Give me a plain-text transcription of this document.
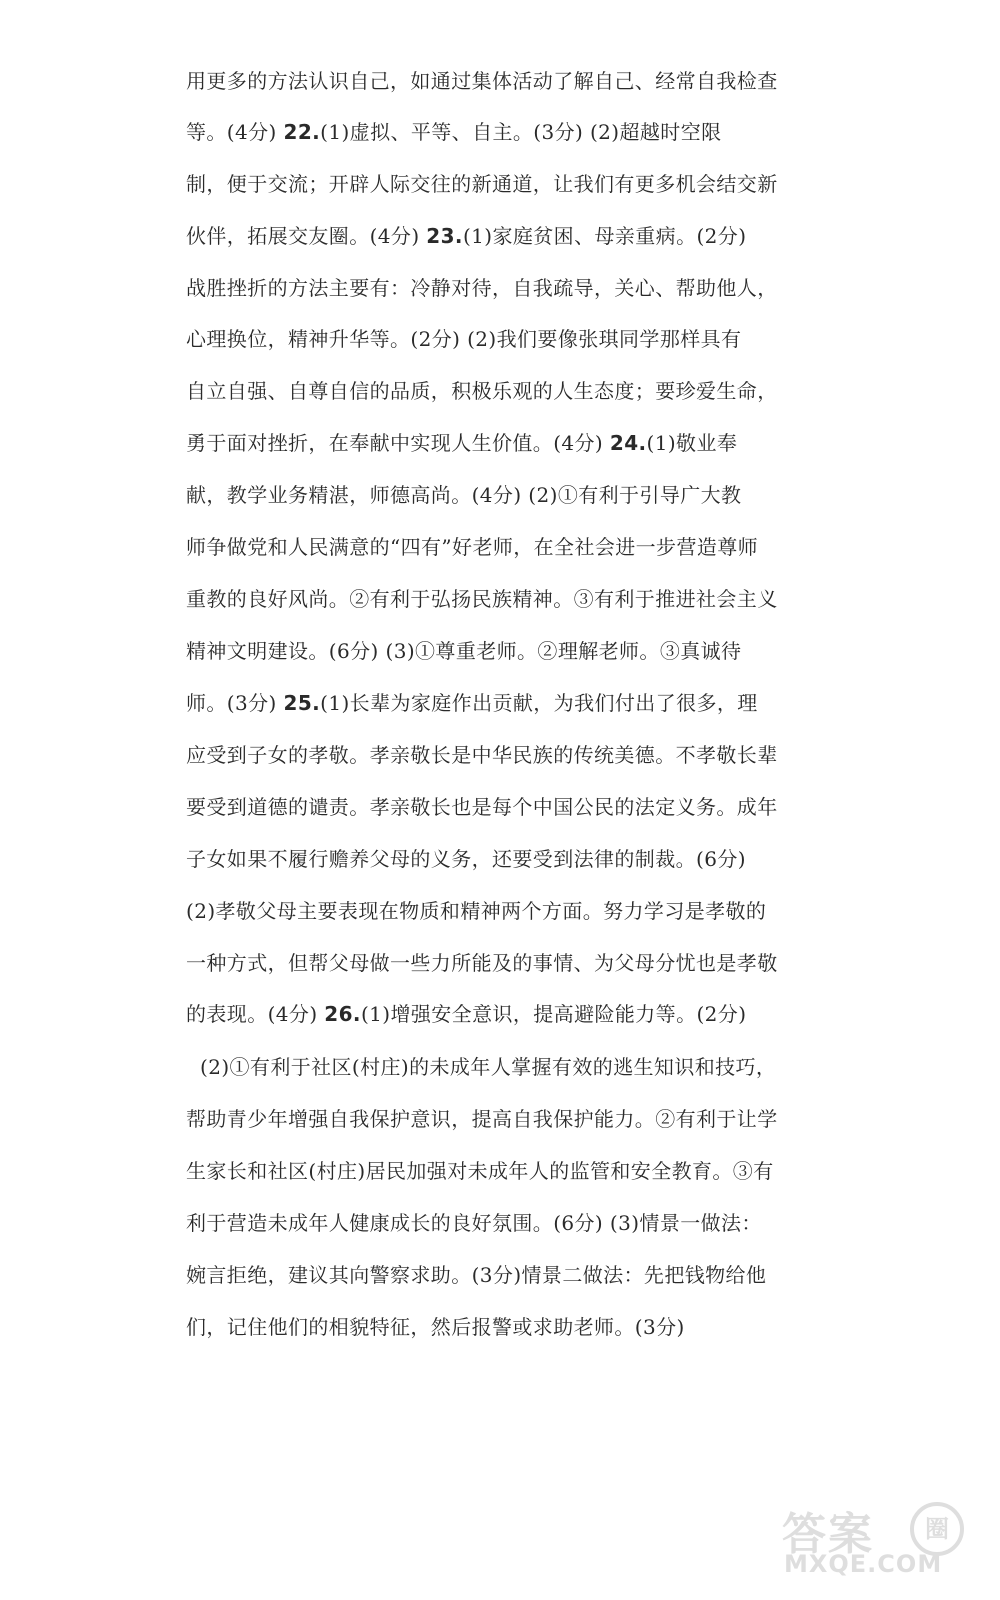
用更多的方法认识自己，如通过集体活动了解自己、经常自我检查
等。(4分) 22.(1)虚拟、平等、自主。(3分) (2)超越时空限
制，便于交流；开辟人际交往的新通道，让我们有更多机会结交新
伙伴，拓展交友圈。(4分) 23.(1)家庭贫困、母亲重病。(2分)
战胜挫折的方法主要有：冷静对待，自我疏导，关心、帮助他人，
心理换位，精神升华等。(2分) (2)我们要像张琪同学那样具有
自立自强、自尊自信的品质，积极乐观的人生态度；要珍爱生命，
勇于面对挫折，在奉献中实现人生价值。(4分) 24.(1)敬业奉
献，教学业务精湛，师德高尚。(4分) (2)①有利于引导广大教
师争做党和人民满意的“四有”好老师，在全社会进一步营造尊师
重教的良好风尚。②有利于弘扬民族精神。③有利于推进社会主义
精神文明建设。(6分) (3)①尊重老师。②理解老师。③真诚待
师。(3分) 25.(1)长辈为家庭作出贡献，为我们付出了很多，理
应受到子女的孝敬。孝亲敬长是中华民族的传统美德。不孝敬长辈
要受到道德的谴责。孝亲敬长也是每个中国公民的法定义务。成年
子女如果不履行赡养父母的义务，还要受到法律的制裁。(6分)
(2)孝敬父母主要表现在物质和精神两个方面。努力学习是孝敬的
一种方式，但帮父母做一些力所能及的事情、为父母分忧也是孝敬
的表现。(4分) 26.(1)增强安全意识，提高避险能力等。(2分)
(2)①有利于社区(村庄)的未成年人掌握有效的逃生知识和技巧，
帮助青少年增强自我保护意识，提高自我保护能力。②有利于让学
生家长和社区(村庄)居民加强对未成年人的监管和安全教育。③有
利于营造未成年人健康成长的良好氛围。(6分) (3)情景一做法：
婉言拒绝，建议其向警察求助。(3分)情景二做法：先把钱物给他
们，记住他们的相貌特征，然后报警或求助老师。(3分)
答案	圈
MXQE.COM
